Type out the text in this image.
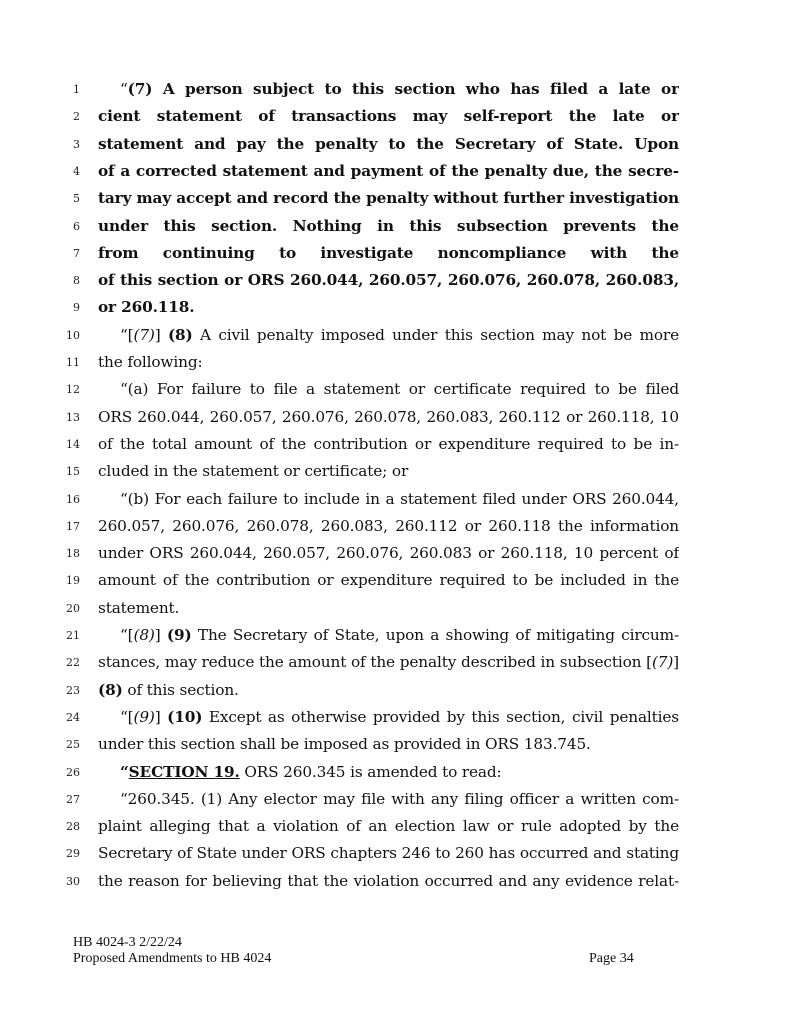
1	“(7) A person subject to this section who has filed a late or
2 cient statement of transactions may self-report the late or
3 statement and pay the penalty to the Secretary of State. Upon
4 of a corrected statement and payment of the penalty due, the secre-
5 tary may accept and record the penalty without further investigation
6 under this section. Nothing in this subsection prevents the
7 from continuing to investigate noncompliance with the
8 of this section or ORS 260.044, 260.057, 260.076, 260.078, 260.083,
9 or 260.118.
10	“[(7)] (8) A civil penalty imposed under this section may not be more
11 the following:
12	“(a) For failure to file a statement or certificate required to be filed
13 ORS 260.044, 260.057, 260.076, 260.078, 260.083, 260.112 or 260.118, 10
14 of the total amount of the contribution or expenditure required to be in-
15 cluded in the statement or certificate; or
16	“(b) For each failure to include in a statement filed under ORS 260.044,
17 260.057, 260.076, 260.078, 260.083, 260.112 or 260.118 the information
18 under ORS 260.044, 260.057, 260.076, 260.083 or 260.118, 10 percent of
19 amount of the contribution or expenditure required to be included in the
20 statement.
21	“[(8)] (9) The Secretary of State, upon a showing of mitigating circum-
22 stances, may reduce the amount of the penalty described in subsection [(7)]
23 (8) of this section.
24	“[(9)] (10) Except as otherwise provided by this section, civil penalties
25 under this section shall be imposed as provided in ORS 183.745.
26	“SECTION 19. ORS 260.345 is amended to read:
27	“260.345. (1) Any elector may file with any filing officer a written com-
28 plaint alleging that a violation of an election law or rule adopted by the
29 Secretary of State under ORS chapters 246 to 260 has occurred and stating
30 the reason for believing that the violation occurred and any evidence relat-
HB 4024-3 2/22/24
Proposed Amendments to HB 4024	Page 34
